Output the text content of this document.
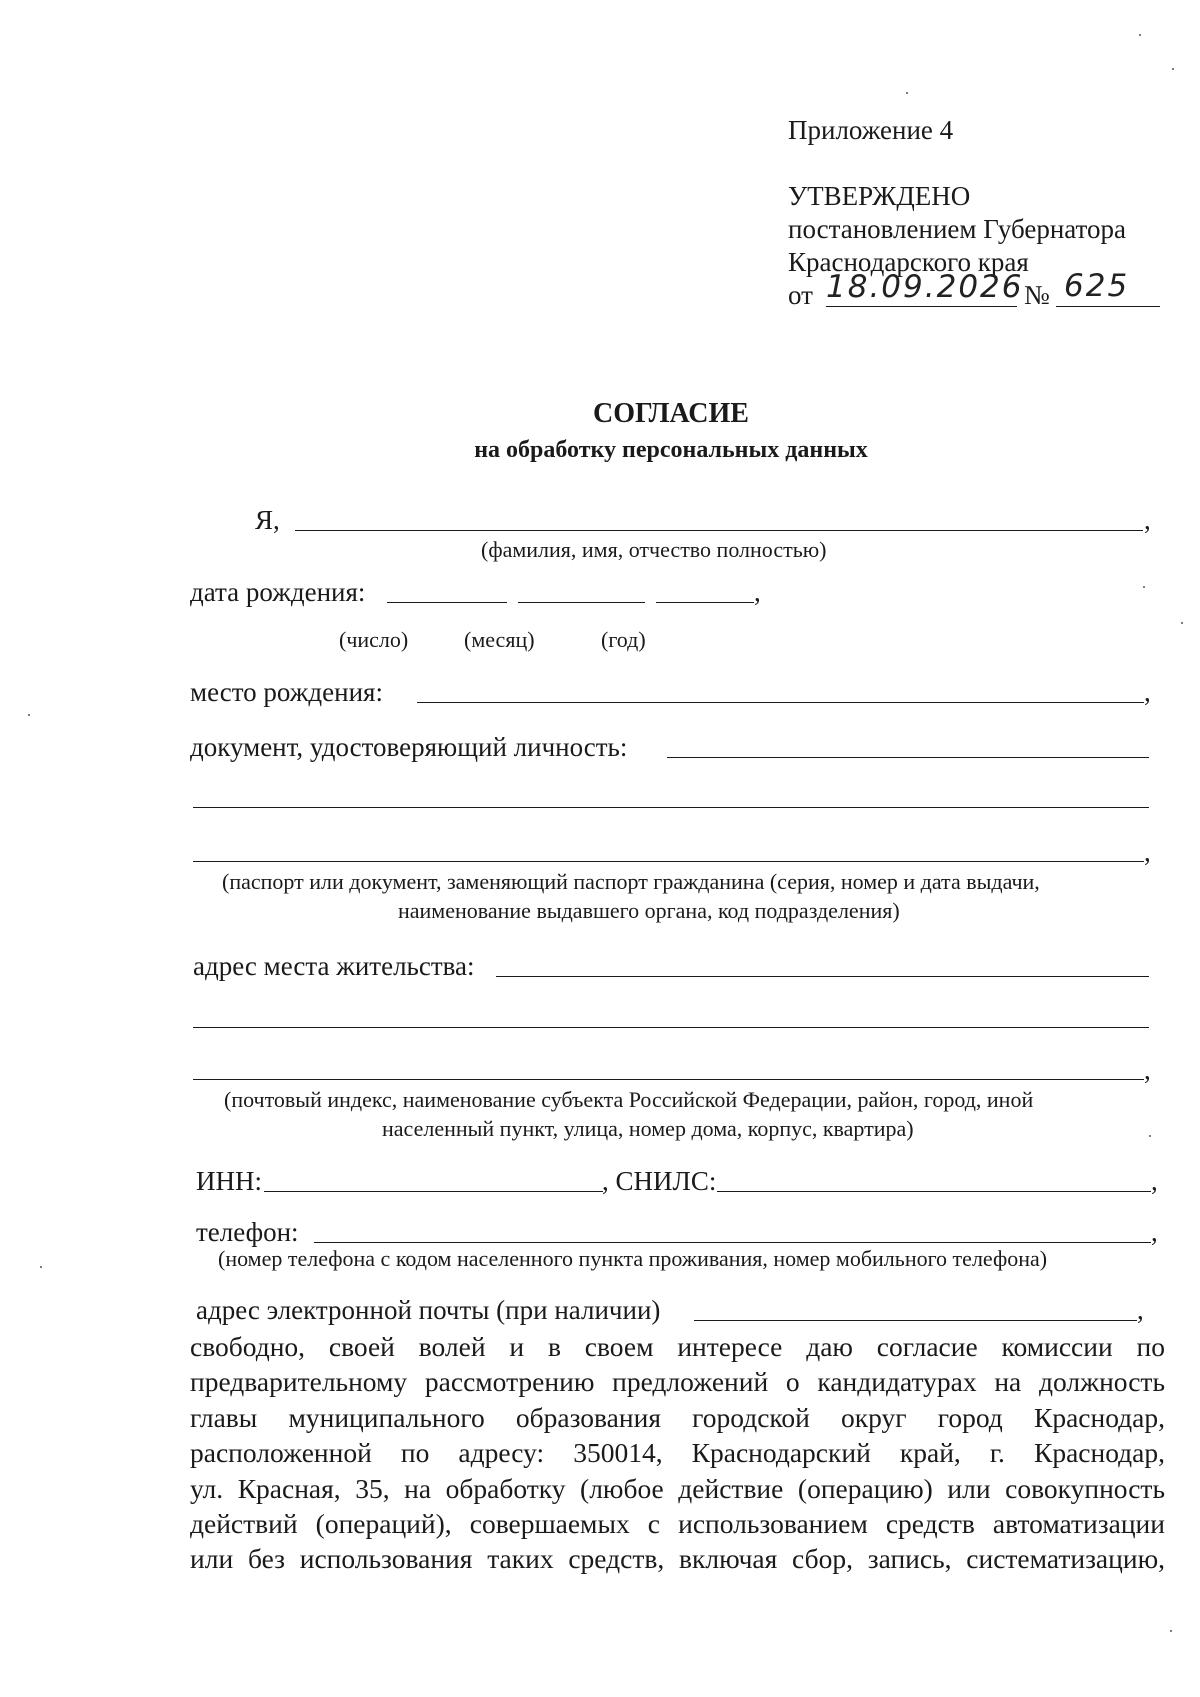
Приложение 4
УТВЕРЖДЕНО
постановлением Губернатора
Краснодарского края
от 18.09.2026 № 625
СОГЛАСИЕ
на обработку персональных данных
Я,	,
(фамилия, имя, отчество полностью)
дата рождения:	,
(число)	(месяц)	(год)
место рождения:	,
документ, удостоверяющий личность:
,
(паспорт или документ, заменяющий паспорт гражданина (серия, номер и дата выдачи,
наименование выдавшего органа, код подразделения)
адрес места жительства:
,
(почтовый индекс, наименование субъекта Российской Федерации, район, город, иной
населенный пункт, улица, номер дома, корпус, квартира)
ИНН:	, СНИЛС:	,
телефон:	,
(номер телефона с кодом населенного пункта проживания, номер мобильного телефона)
адрес электронной почты (при наличии)	,
свободно, своей волей и в своем интересе даю согласие комиссии по
предварительному рассмотрению предложений о кандидатурах на должность
главы муниципального образования городской округ город Краснодар,
расположенной по адресу: 350014, Краснодарский край, г. Краснодар,
ул. Красная, 35, на обработку (любое действие (операцию) или совокупность
действий (операций), совершаемых с использованием средств автоматизации
или без использования таких средств, включая сбор, запись, систематизацию,
